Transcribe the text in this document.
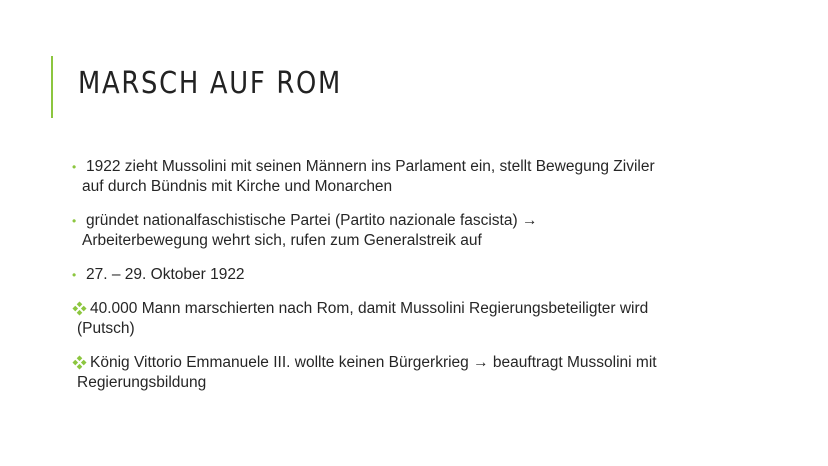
MARSCH AUF ROM
• 1922 zieht Mussolini mit seinen Männern ins Parlament ein, stellt Bewegung Ziviler
auf durch Bündnis mit Kirche und Monarchen
• gründet nationalfaschistische Partei (Partito nazionale fascista) →
Arbeiterbewegung wehrt sich, rufen zum Generalstreik auf
• 27. – 29. Oktober 1922
40.000 Mann marschierten nach Rom, damit Mussolini Regierungsbeteiligter wird
(Putsch)
König Vittorio Emmanuele III. wollte keinen Bürgerkrieg → beauftragt Mussolini mit
Regierungsbildung
